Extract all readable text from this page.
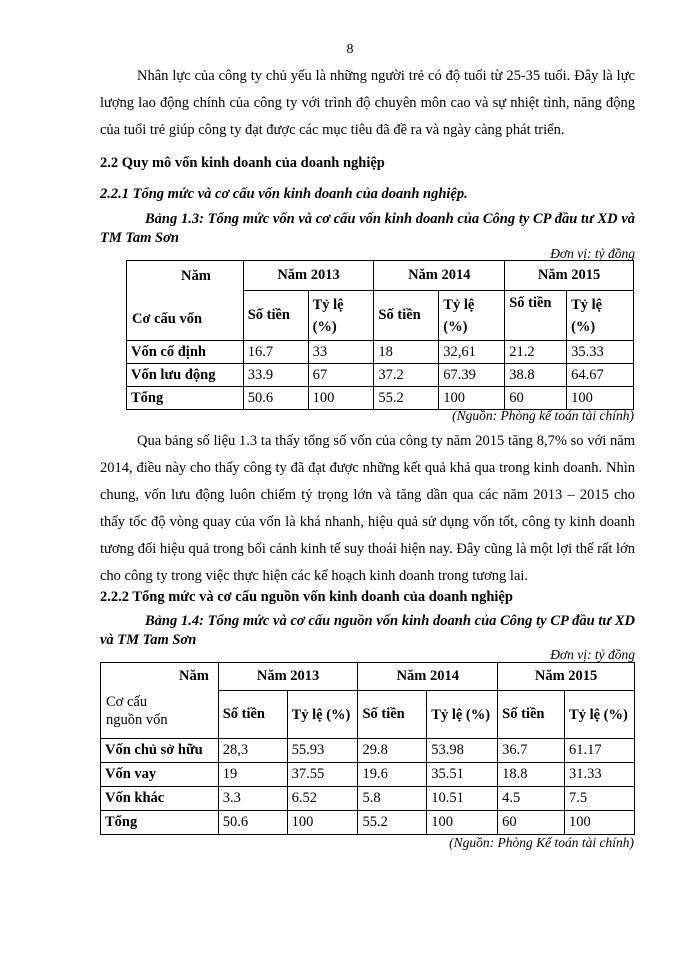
8

Nhân lực của công ty chủ yếu là những người trẻ có độ tuổi từ 25-35 tuổi. Đây là lực lượng lao động chính của công ty với trình độ chuyên môn cao và sự nhiệt tình, năng động của tuổi trẻ giúp công ty đạt được các mục tiêu đã đề ra và ngày càng phát triển.

2.2 Quy mô vốn kinh doanh của doanh nghiệp
2.2.1 Tổng mức và cơ cấu vốn kinh doanh của doanh nghiệp.

Bảng 1.3: Tổng mức vốn và cơ cấu vốn kinh doanh của Công ty CP đầu tư XD và TM Tam Sơn

Đơn vị: tỷ đồng
Năm
Cơ cấu vốn	Năm 2013		Năm 2014		Năm 2015	
	Số tiền	Tỷ lệ (%)	Số tiền	Tỷ lệ (%)	Số tiền	Tỷ lệ (%)
Vốn cố định	16.7	33	18	32,61	21.2	35.33
Vốn lưu động	33.9	67	37.2	67.39	38.8	64.67
Tổng	50.6	100	55.2	100	60	100
(Nguồn: Phòng kế toán tài chính)

Qua bảng số liệu 1.3 ta thấy tổng số vốn của công ty năm 2015 tăng 8,7% so với năm 2014, điều này cho thấy công ty đã đạt được những kết quả khả qua trong kinh doanh. Nhìn chung, vốn lưu động luôn chiếm tỷ trọng lớn và tăng dần qua các năm 2013 – 2015 cho thấy tốc độ vòng quay của vốn là khá nhanh, hiệu quả sử dụng vốn tốt, công ty kinh doanh tương đối hiệu quả trong bối cảnh kinh tế suy thoái hiện nay. Đây cũng là một lợi thế rất lớn cho công ty trong việc thực hiện các kế hoạch kinh doanh trong tương lai.

2.2.2 Tổng mức và cơ cấu nguồn vốn kinh doanh của doanh nghiệp

Bảng 1.4: Tổng mức và cơ cấu nguồn vốn kinh doanh của Công ty CP đầu tư XD và TM Tam Sơn

Đơn vị: tỷ đồng
Năm
Cơ cấu nguồn vốn	Năm 2013		Năm 2014		Năm 2015	
	Số tiền	Tỷ lệ (%)	Số tiền	Tỷ lệ (%)	Số tiền	Tỷ lệ (%)
Vốn chủ sở hữu	28,3	55.93	29.8	53.98	36.7	61.17
Vốn vay	19	37.55	19.6	35.51	18.8	31.33
Vốn khác	3.3	6.52	5.8	10.51	4.5	7.5
Tổng	50.6	100	55.2	100	60	100
(Nguồn: Phòng Kế toán tài chính)
